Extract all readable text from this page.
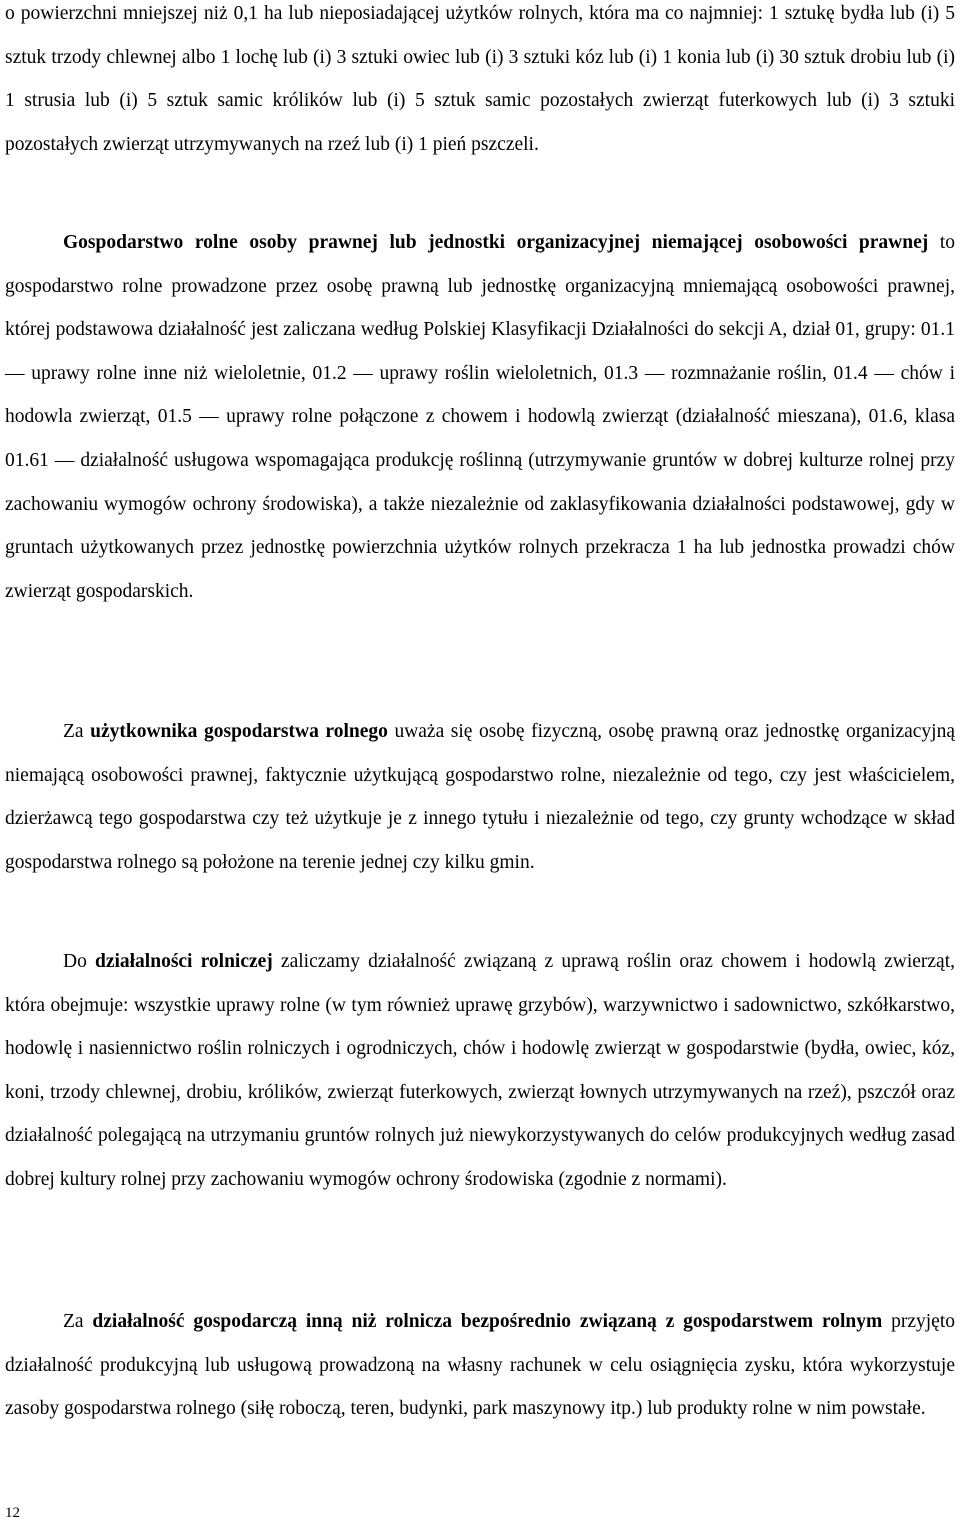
o powierzchni mniejszej niż 0,1 ha lub nieposiadającej użytków rolnych, która ma co najmniej: 1 sztukę bydła lub (i) 5 sztuk trzody chlewnej albo 1 lochę lub (i) 3 sztuki owiec lub (i) 3 sztuki kóz lub (i) 1 konia lub (i) 30 sztuk drobiu lub (i) 1 strusia lub (i) 5 sztuk samic królików lub (i) 5 sztuk samic pozostałych zwierząt futerkowych lub (i) 3 sztuki pozostałych zwierząt utrzymywanych na rzeź lub (i) 1 pień pszczeli.

Gospodarstwo rolne osoby prawnej lub jednostki organizacyjnej niemającej osobowości prawnej to gospodarstwo rolne prowadzone przez osobę prawną lub jednostkę organizacyjną mniemającą osobowości prawnej, której podstawowa działalność jest zaliczana według Polskiej Klasyfikacji Działalności do sekcji A, dział 01, grupy: 01.1 ― uprawy rolne inne niż wieloletnie, 01.2 ― uprawy roślin wieloletnich, 01.3 ― rozmnażanie roślin, 01.4 ― chów i hodowla zwierząt, 01.5 ― uprawy rolne połączone z chowem i hodowlą zwierząt (działalność mieszana), 01.6, klasa 01.61 ― działalność usługowa wspomagająca produkcję roślinną (utrzymywanie gruntów w dobrej kulturze rolnej przy zachowaniu wymogów ochrony środowiska), a także niezależnie od zaklasyfikowania działalności podstawowej, gdy w gruntach użytkowanych przez jednostkę powierzchnia użytków rolnych przekracza 1 ha lub jednostka prowadzi chów zwierząt gospodarskich.

Za użytkownika gospodarstwa rolnego uważa się osobę fizyczną, osobę prawną oraz jednostkę organizacyjną niemającą osobowości prawnej, faktycznie użytkującą gospodarstwo rolne, niezależnie od tego, czy jest właścicielem, dzierżawcą tego gospodarstwa czy też użytkuje je z innego tytułu i niezależnie od tego, czy grunty wchodzące w skład gospodarstwa rolnego są położone na terenie jednej czy kilku gmin.

Do działalności rolniczej zaliczamy działalność związaną z uprawą roślin oraz chowem i hodowlą zwierząt, która obejmuje: wszystkie uprawy rolne (w tym również uprawę grzybów), warzywnictwo i sadownictwo, szkółkarstwo, hodowlę i nasiennictwo roślin rolniczych i ogrodniczych, chów i hodowlę zwierząt w gospodarstwie (bydła, owiec, kóz, koni, trzody chlewnej, drobiu, królików, zwierząt futerkowych, zwierząt łownych utrzymywanych na rzeź), pszczół oraz działalność polegającą na utrzymaniu gruntów rolnych już niewykorzystywanych do celów produkcyjnych według zasad dobrej kultury rolnej przy zachowaniu wymogów ochrony środowiska (zgodnie z normami).

Za działalność gospodarczą inną niż rolnicza bezpośrednio związaną z gospodarstwem rolnym przyjęto działalność produkcyjną lub usługową prowadzoną na własny rachunek w celu osiągnięcia zysku, która wykorzystuje zasoby gospodarstwa rolnego (siłę roboczą, teren, budynki, park maszynowy itp.) lub produkty rolne w nim powstałe.

12
